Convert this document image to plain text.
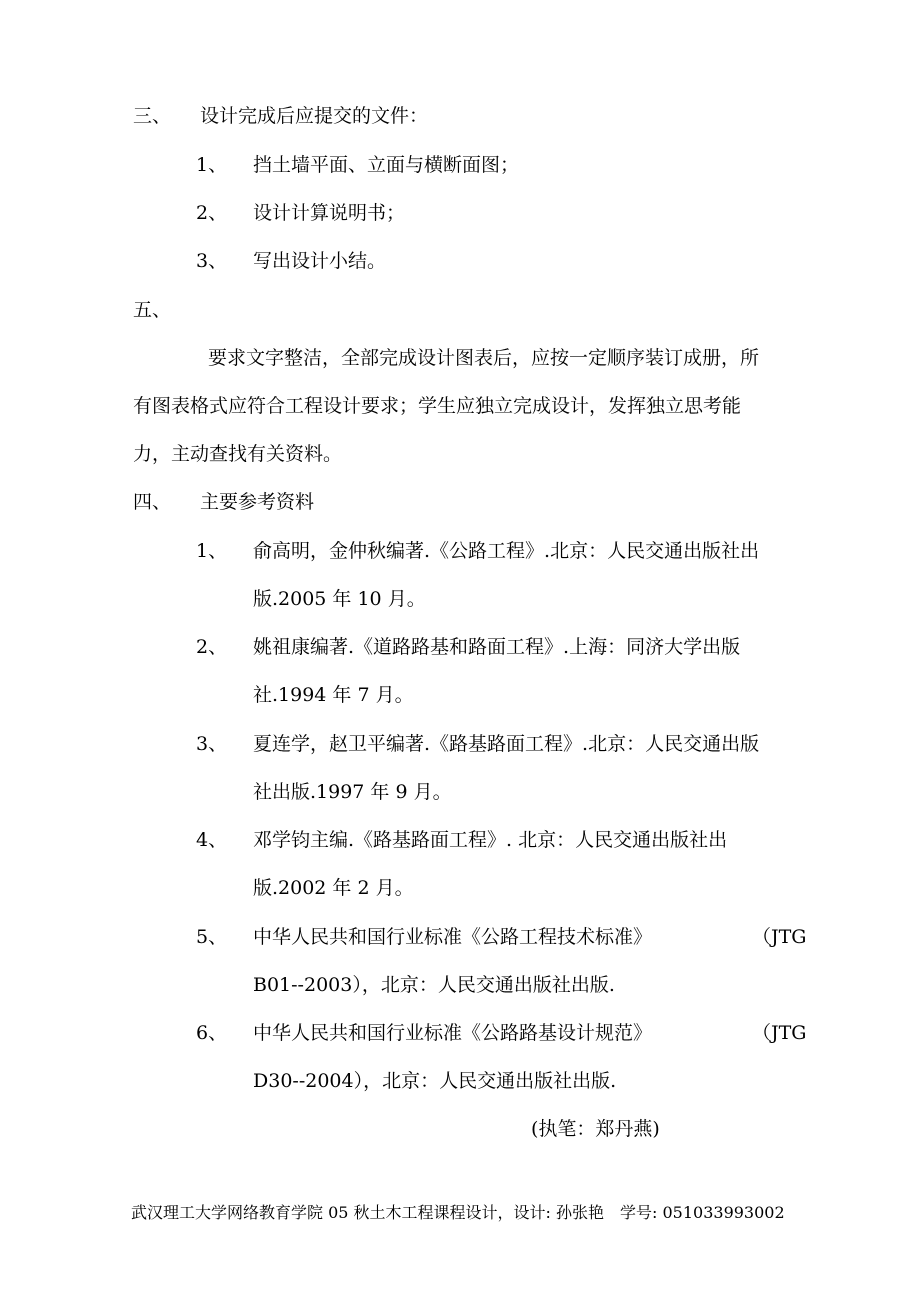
三、 设计完成后应提交的文件：
1、 挡土墙平面、立面与横断面图；
2、 设计计算说明书；
3、 写出设计小结。
五、
要求文字整洁，全部完成设计图表后，应按一定顺序装订成册，所
有图表格式应符合工程设计要求；学生应独立完成设计，发挥独立思考能
力，主动查找有关资料。
四、 主要参考资料
1、 俞高明，金仲秋编著.《公路工程》.北京：人民交通出版社出
版.2005 年 10 月。
2、 姚祖康编著.《道路路基和路面工程》.上海：同济大学出版
社.1994 年 7 月。
3、 夏连学，赵卫平编著.《路基路面工程》.北京：人民交通出版
社出版.1997 年 9 月。
4、 邓学钧主编.《路基路面工程》. 北京：人民交通出版社出
版.2002 年 2 月。
5、 中华人民共和国行业标准《公路工程技术标准》	（JTG
B01--2003），北京：人民交通出版社出版.
6、 中华人民共和国行业标准《公路路基设计规范》	（JTG
D30--2004），北京：人民交通出版社出版.
(执笔：郑丹燕)
武汉理工大学网络教育学院 05 秋土木工程课程设计，设计: 孙张艳　学号: 051033993002
